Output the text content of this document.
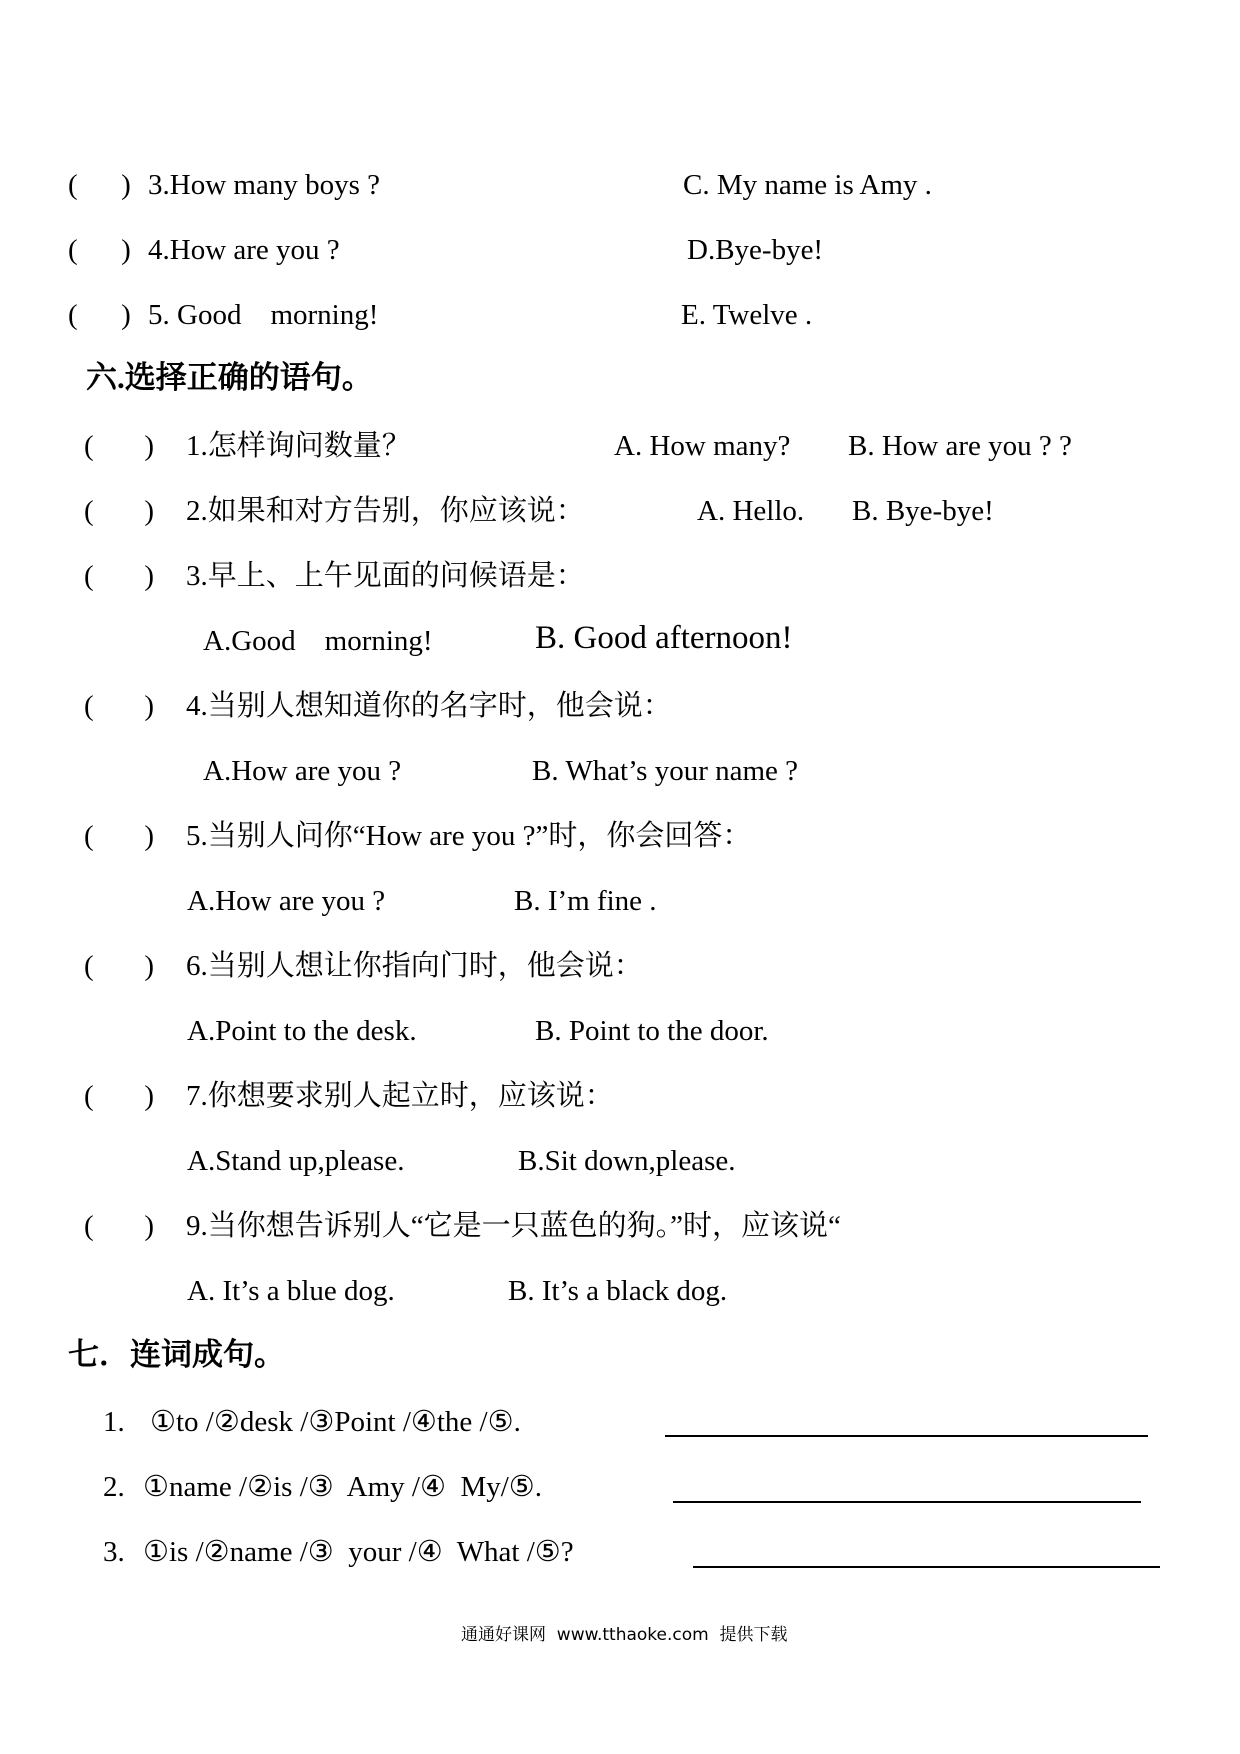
(      ) 3.How many boys ?	C. My name is Amy .
(      ) 4.How are you ?	D.Bye-bye!
(      ) 5. Good    morning!	E. Twelve .
六.选择正确的语句。
(       ) 1.怎样询问数量？	A. How many? B. How are you ? ?
(       ) 2.如果和对方告别，你应该说：	A. Hello. B. Bye-bye!
(       ) 3.早上、上午见面的问候语是：
A.Good    morning!	B. Good afternoon!
(       ) 4.当别人想知道你的名字时，他会说：
A.How are you ?	B. What’s your name ?
(       ) 5.当别人问你“How are you ?”时，你会回答：
A.How are you ?	B. I’m fine .
(       ) 6.当别人想让你指向门时，他会说：
A.Point to the desk.	B. Point to the door.
(       ) 7.你想要求别人起立时，应该说：
A.Stand up,please.	B.Sit down,please.
(       ) 9.当你想告诉别人“它是一只蓝色的狗。”时，应该说“
A. It’s a blue dog.	B. It’s a black dog.
七．连词成句。
1. ①to /②desk /③Point /④the /⑤.
2. ①name /②is /③  Amy /④  My/⑤.
3. ①is /②name /③  your /④  What /⑤?
通通好课网  www.tthaoke.com  提供下载
